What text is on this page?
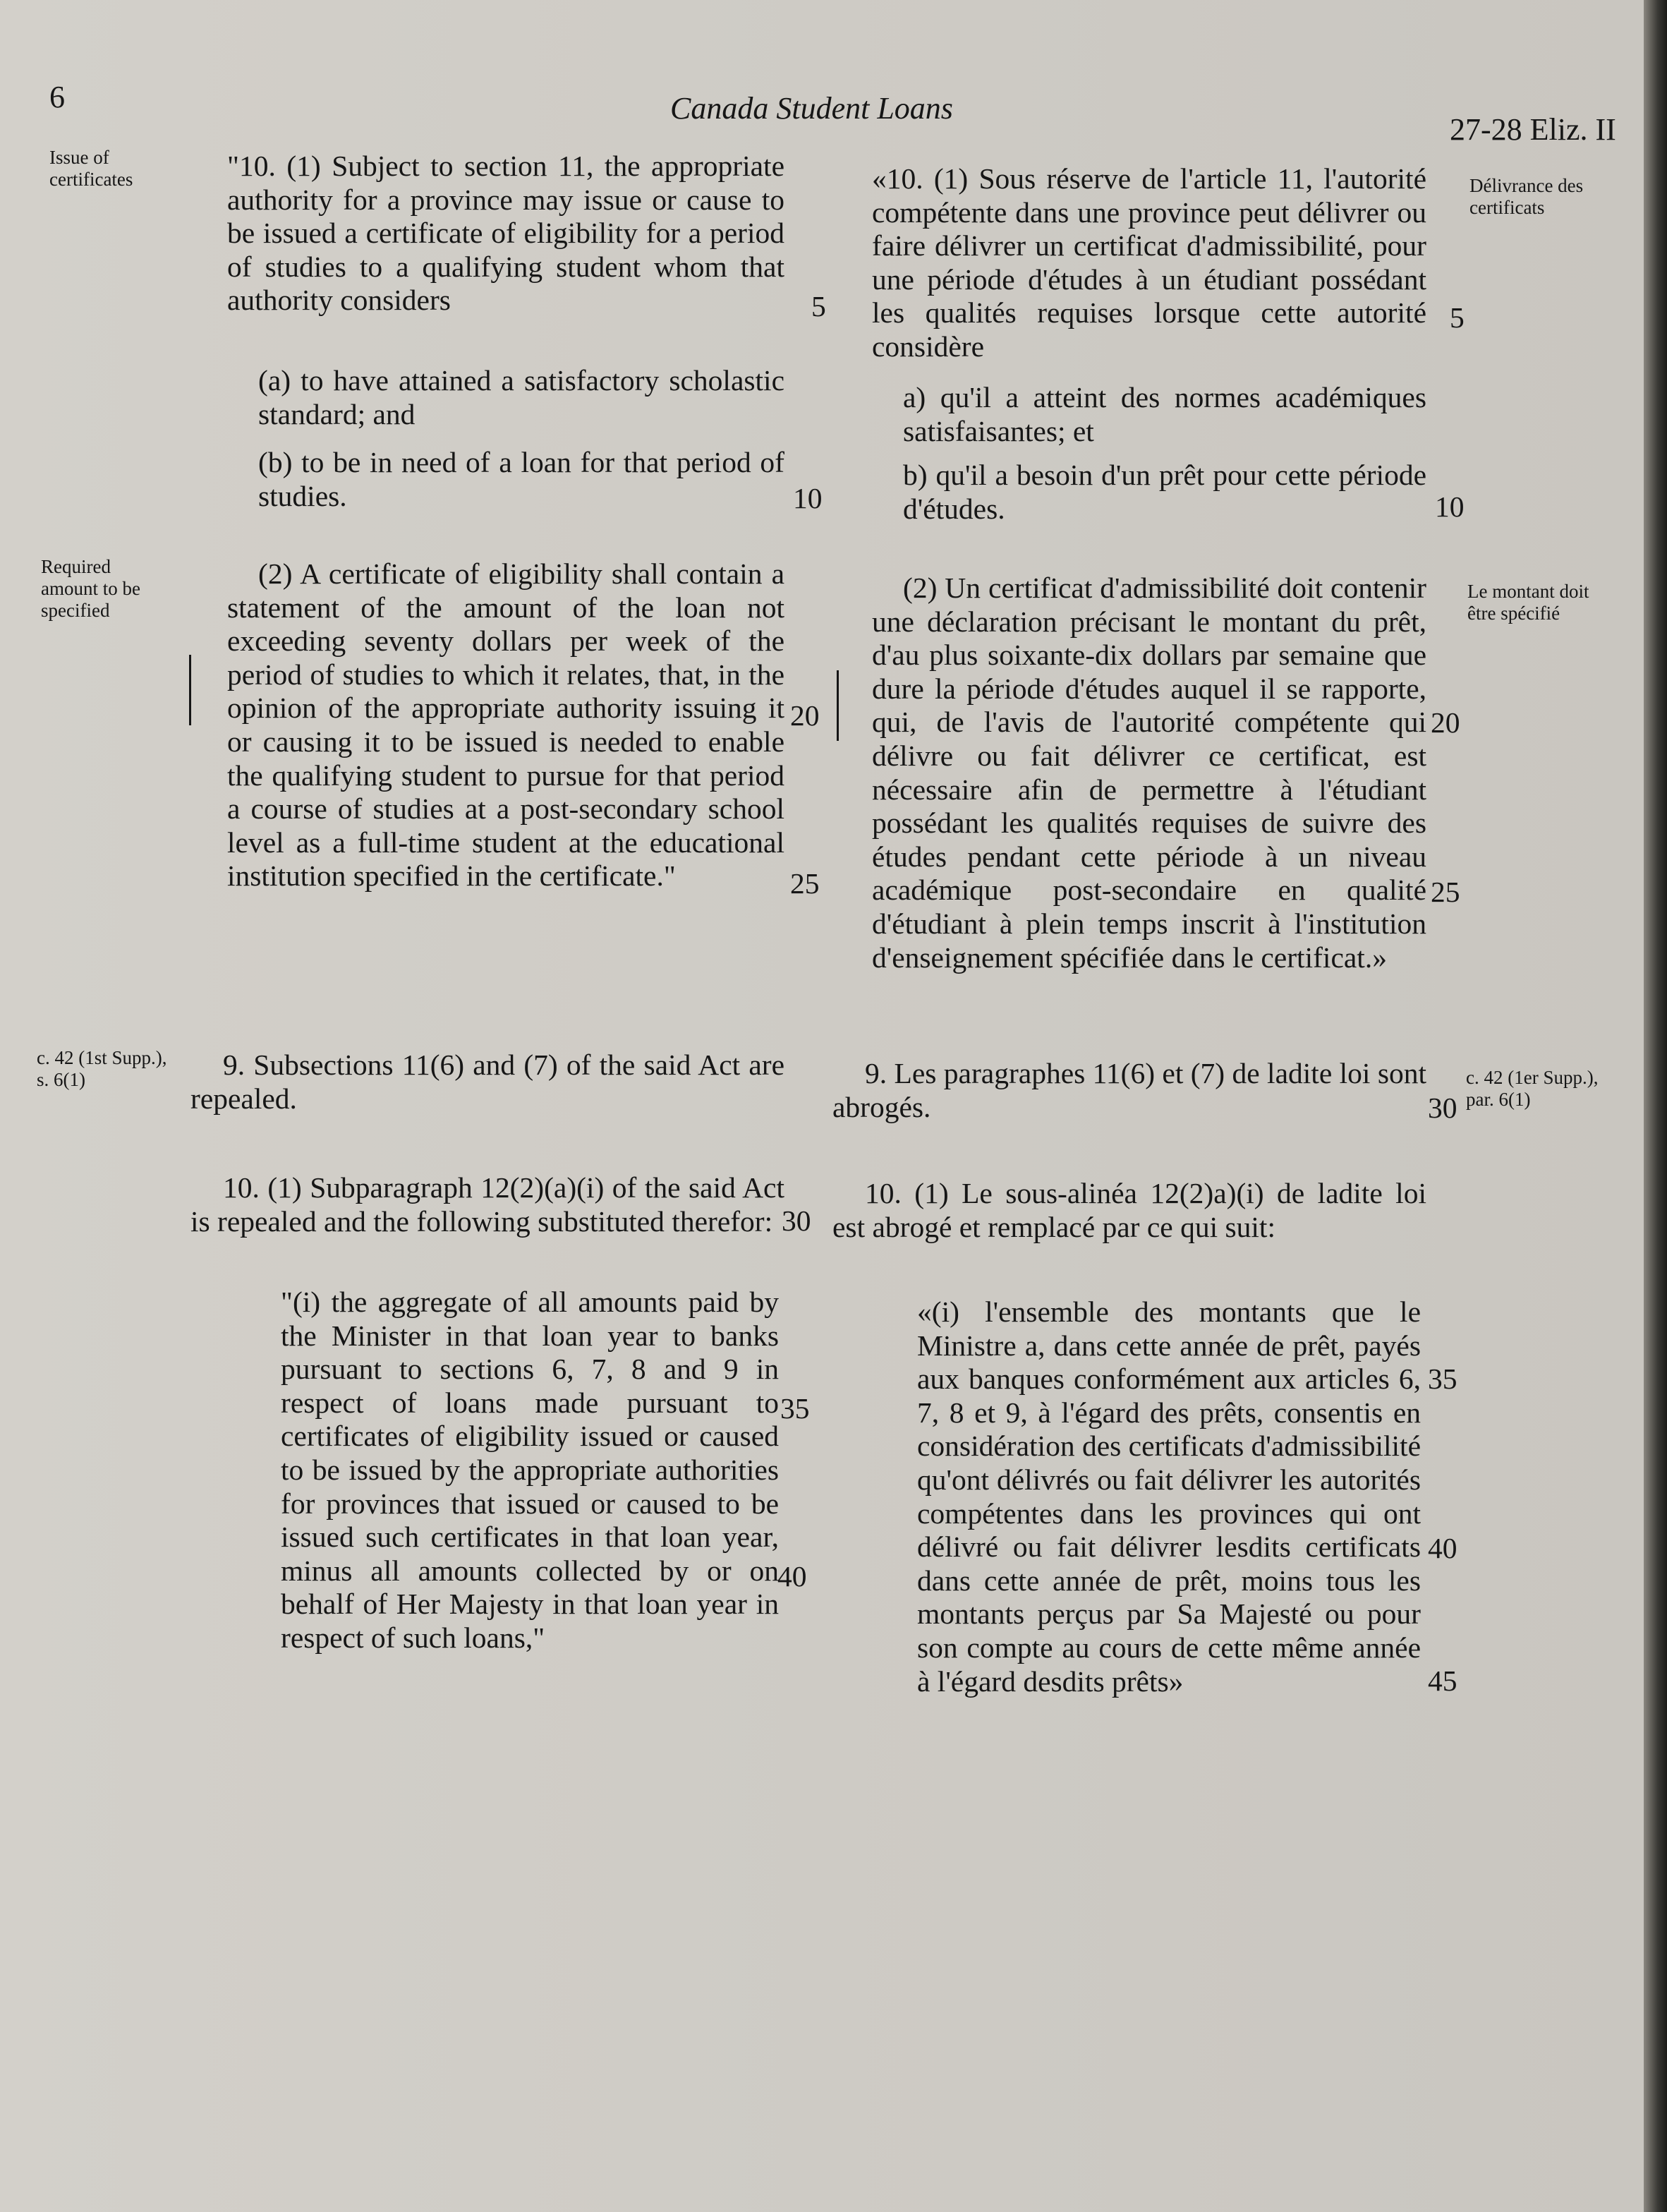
6	Canada Student Loans
27-28 Eliz. II
Issue of certificates	Délivrance des certificats
Required amount to be specified
Le montant doit être spécifié
c. 42 (1st Supp.), s. 6(1)	c. 42 (1er Supp.), par. 6(1)

"10. (1) Subject to section 11, the appropriate authority for a province may issue or cause to be issued a certificate of eligibility for a period of studies to a qualifying student whom that authority considers

(a) to have attained a satisfactory scholastic standard; and

(b) to be in need of a loan for that period of studies.

(2) A certificate of eligibility shall contain a statement of the amount of the loan not exceeding seventy dollars per week of the period of studies to which it relates, that, in the opinion of the appropriate authority issuing it or causing it to be issued is needed to enable the qualifying student to pursue for that period a course of studies at a post-secondary school level as a full-time student at the educational institution specified in the certificate."

9. Subsections 11(6) and (7) of the said Act are repealed.

10. (1) Subparagraph 12(2)(a)(i) of the said Act is repealed and the following substituted therefor:

"(i) the aggregate of all amounts paid by the Minister in that loan year to banks pursuant to sections 6, 7, 8 and 9 in respect of loans made pursuant to certificates of eligibility issued or caused to be issued by the appropriate authorities for provinces that issued or caused to be issued such certificates in that loan year, minus all amounts collected by or on behalf of Her Majesty in that loan year in respect of such loans,"

«10. (1) Sous réserve de l'article 11, l'autorité compétente dans une province peut délivrer ou faire délivrer un certificat d'admissibilité, pour une période d'études à un étudiant possédant les qualités requises lorsque cette autorité considère

a) qu'il a atteint des normes académiques satisfaisantes; et

b) qu'il a besoin d'un prêt pour cette période d'études.

(2) Un certificat d'admissibilité doit contenir une déclaration précisant le montant du prêt, d'au plus soixante-dix dollars par semaine que dure la période d'études auquel il se rapporte, qui, de l'avis de l'autorité compétente qui délivre ou fait délivrer ce certificat, est nécessaire afin de permettre à l'étudiant possédant les qualités requises de suivre des études pendant cette période à un niveau académique post-secondaire en qualité d'étudiant à plein temps inscrit à l'institution d'enseignement spécifiée dans le certificat.»

9. Les paragraphes 11(6) et (7) de ladite loi sont abrogés.

10. (1) Le sous-alinéa 12(2)a)(i) de ladite loi est abrogé et remplacé par ce qui suit:

«(i) l'ensemble des montants que le Ministre a, dans cette année de prêt, payés aux banques conformément aux articles 6, 7, 8 et 9, à l'égard des prêts, consentis en considération des certificats d'admissibilité qu'ont délivrés ou fait délivrer les autorités compétentes dans les provinces qui ont délivré ou fait délivrer lesdits certificats dans cette année de prêt, moins tous les montants perçus par Sa Majesté ou pour son compte au cours de cette même année à l'égard desdits prêts»

5
10
20
25
30
35
40
5
10
20
25
30
35
40
45
